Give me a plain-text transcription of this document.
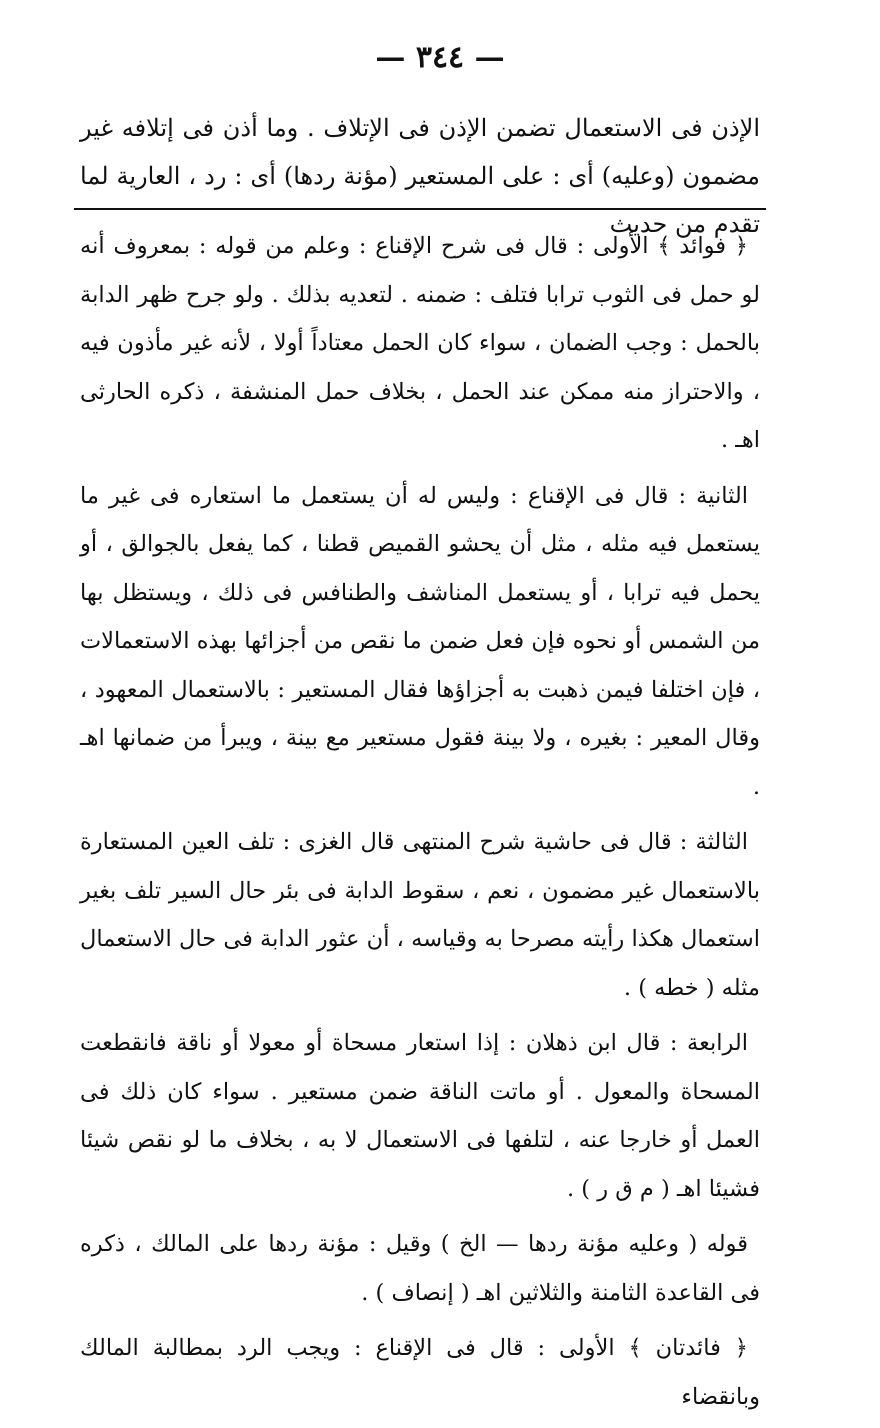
— ٣٤٤ —

الإذن فى الاستعمال تضمن الإذن فى الإتلاف . وما أذن فى إتلافه غير مضمون (وعليه) أى : على المستعير (مؤنة ردها) أى : رد ، العارية لما تقدم من حديث

﴿ فوائد ﴾ الأولى : قال فى شرح الإقناع : وعلم من قوله : بمعروف أنه لو حمل فى الثوب ترابا فتلف : ضمنه . لتعديه بذلك . ولو جرح ظهر الدابة بالحمل : وجب الضمان ، سواء كان الحمل معتاداً أولا ، لأنه غير مأذون فيه ، والاحتراز منه ممكن عند الحمل ، بخلاف حمل المنشفة ، ذكره الحارثى اهـ .

الثانية : قال فى الإقناع : وليس له أن يستعمل ما استعاره فى غير ما يستعمل فيه مثله ، مثل أن يحشو القميص قطنا ، كما يفعل بالجوالق ، أو يحمل فيه ترابا ، أو يستعمل المناشف والطنافس فى ذلك ، ويستظل بها من الشمس أو نحوه فإن فعل ضمن ما نقص من أجزائها بهذه الاستعمالات ، فإن اختلفا فيمن ذهبت به أجزاؤها فقال المستعير : بالاستعمال المعهود ، وقال المعير : بغيره ، ولا بينة فقول مستعير مع بينة ، ويبرأ من ضمانها اهـ .

الثالثة : قال فى حاشية شرح المنتهى قال الغزى : تلف العين المستعارة بالاستعمال غير مضمون ، نعم ، سقوط الدابة فى بئر حال السير تلف بغير استعمال هكذا رأيته مصرحا به وقياسه ، أن عثور الدابة فى حال الاستعمال مثله ( خطه ) .

الرابعة : قال ابن ذهلان : إذا استعار مسحاة أو معولا أو ناقة فانقطعت المسحاة والمعول . أو ماتت الناقة ضمن مستعير . سواء كان ذلك فى العمل أو خارجا عنه ، لتلفها فى الاستعمال لا به ، بخلاف ما لو نقص شيئا فشيئا اهـ ( م ق ر ) .

قوله ( وعليه مؤنة ردها — الخ ) وقيل : مؤنة ردها على المالك ، ذكره فى القاعدة الثامنة والثلاثين اهـ ( إنصاف ) .

﴿ فائدتان ﴾ الأولى : قال فى الإقناع : ويجب الرد بمطالبة المالك وبانقضاء
